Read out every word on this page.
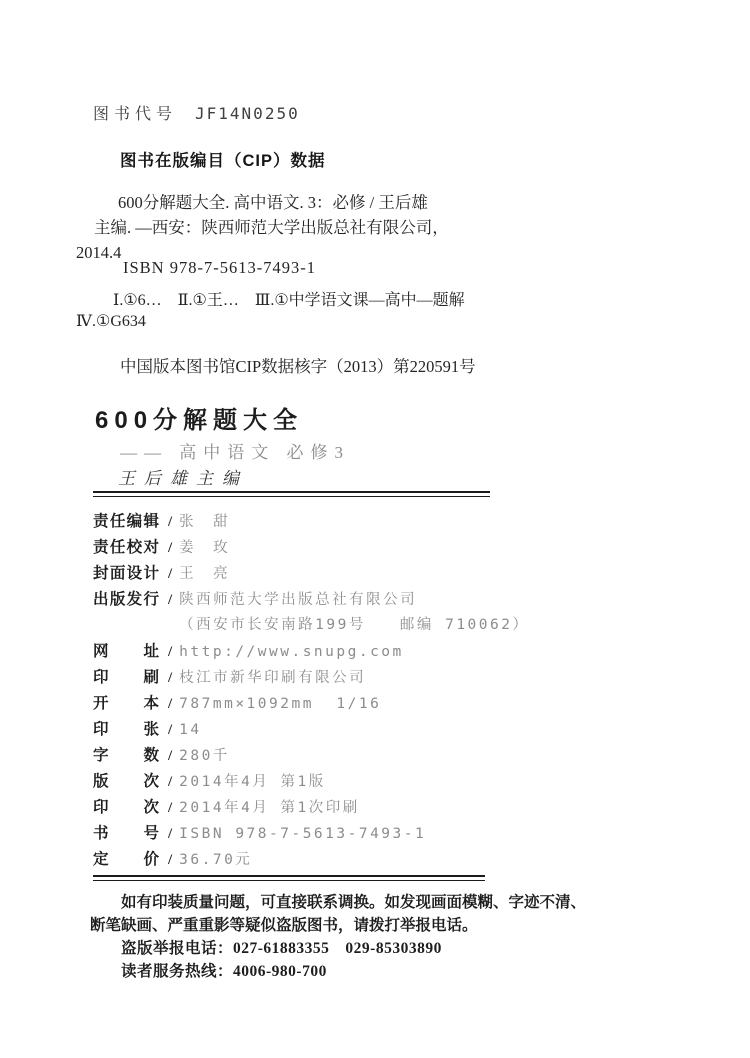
图书代号 JF14N0250
图书在版编目（CIP）数据
600分解题大全. 高中语文. 3：必修 / 王后雄
主编. —西安：陕西师范大学出版总社有限公司，
2014.4
ISBN 978-7-5613-7493-1
Ⅰ.①6…　Ⅱ.①王…　Ⅲ.①中学语文课—高中—题解
Ⅳ.①G634
中国版本图书馆CIP数据核字（2013）第220591号
600分解题大全
—— 高中语文 必修3
王后雄主编
责 任 编 辑 / 张　甜
责 任 校 对 / 姜　玫
封 面 设 计 / 王　亮
出 版 发 行 / 陕西师范大学出版总社有限公司
（西安市长安南路199号　　邮编 710062）
网 址 / http://www.snupg.com
印 刷 / 枝江市新华印刷有限公司
开 本 / 787mm×1092mm  1/16
印 张 / 14
字 数 / 280千
版 次 / 2014年4月 第1版
印 次 / 2014年4月 第1次印刷
书 号 / ISBN 978-7-5613-7493-1
定 价 / 36.70元
如有印装质量问题，可直接联系调换。如发现画面模糊、字迹不清、
断笔缺画、严重重影等疑似盗版图书，请拨打举报电话。
盗版举报电话：027-61883355　029-85303890
读者服务热线：4006-980-700
